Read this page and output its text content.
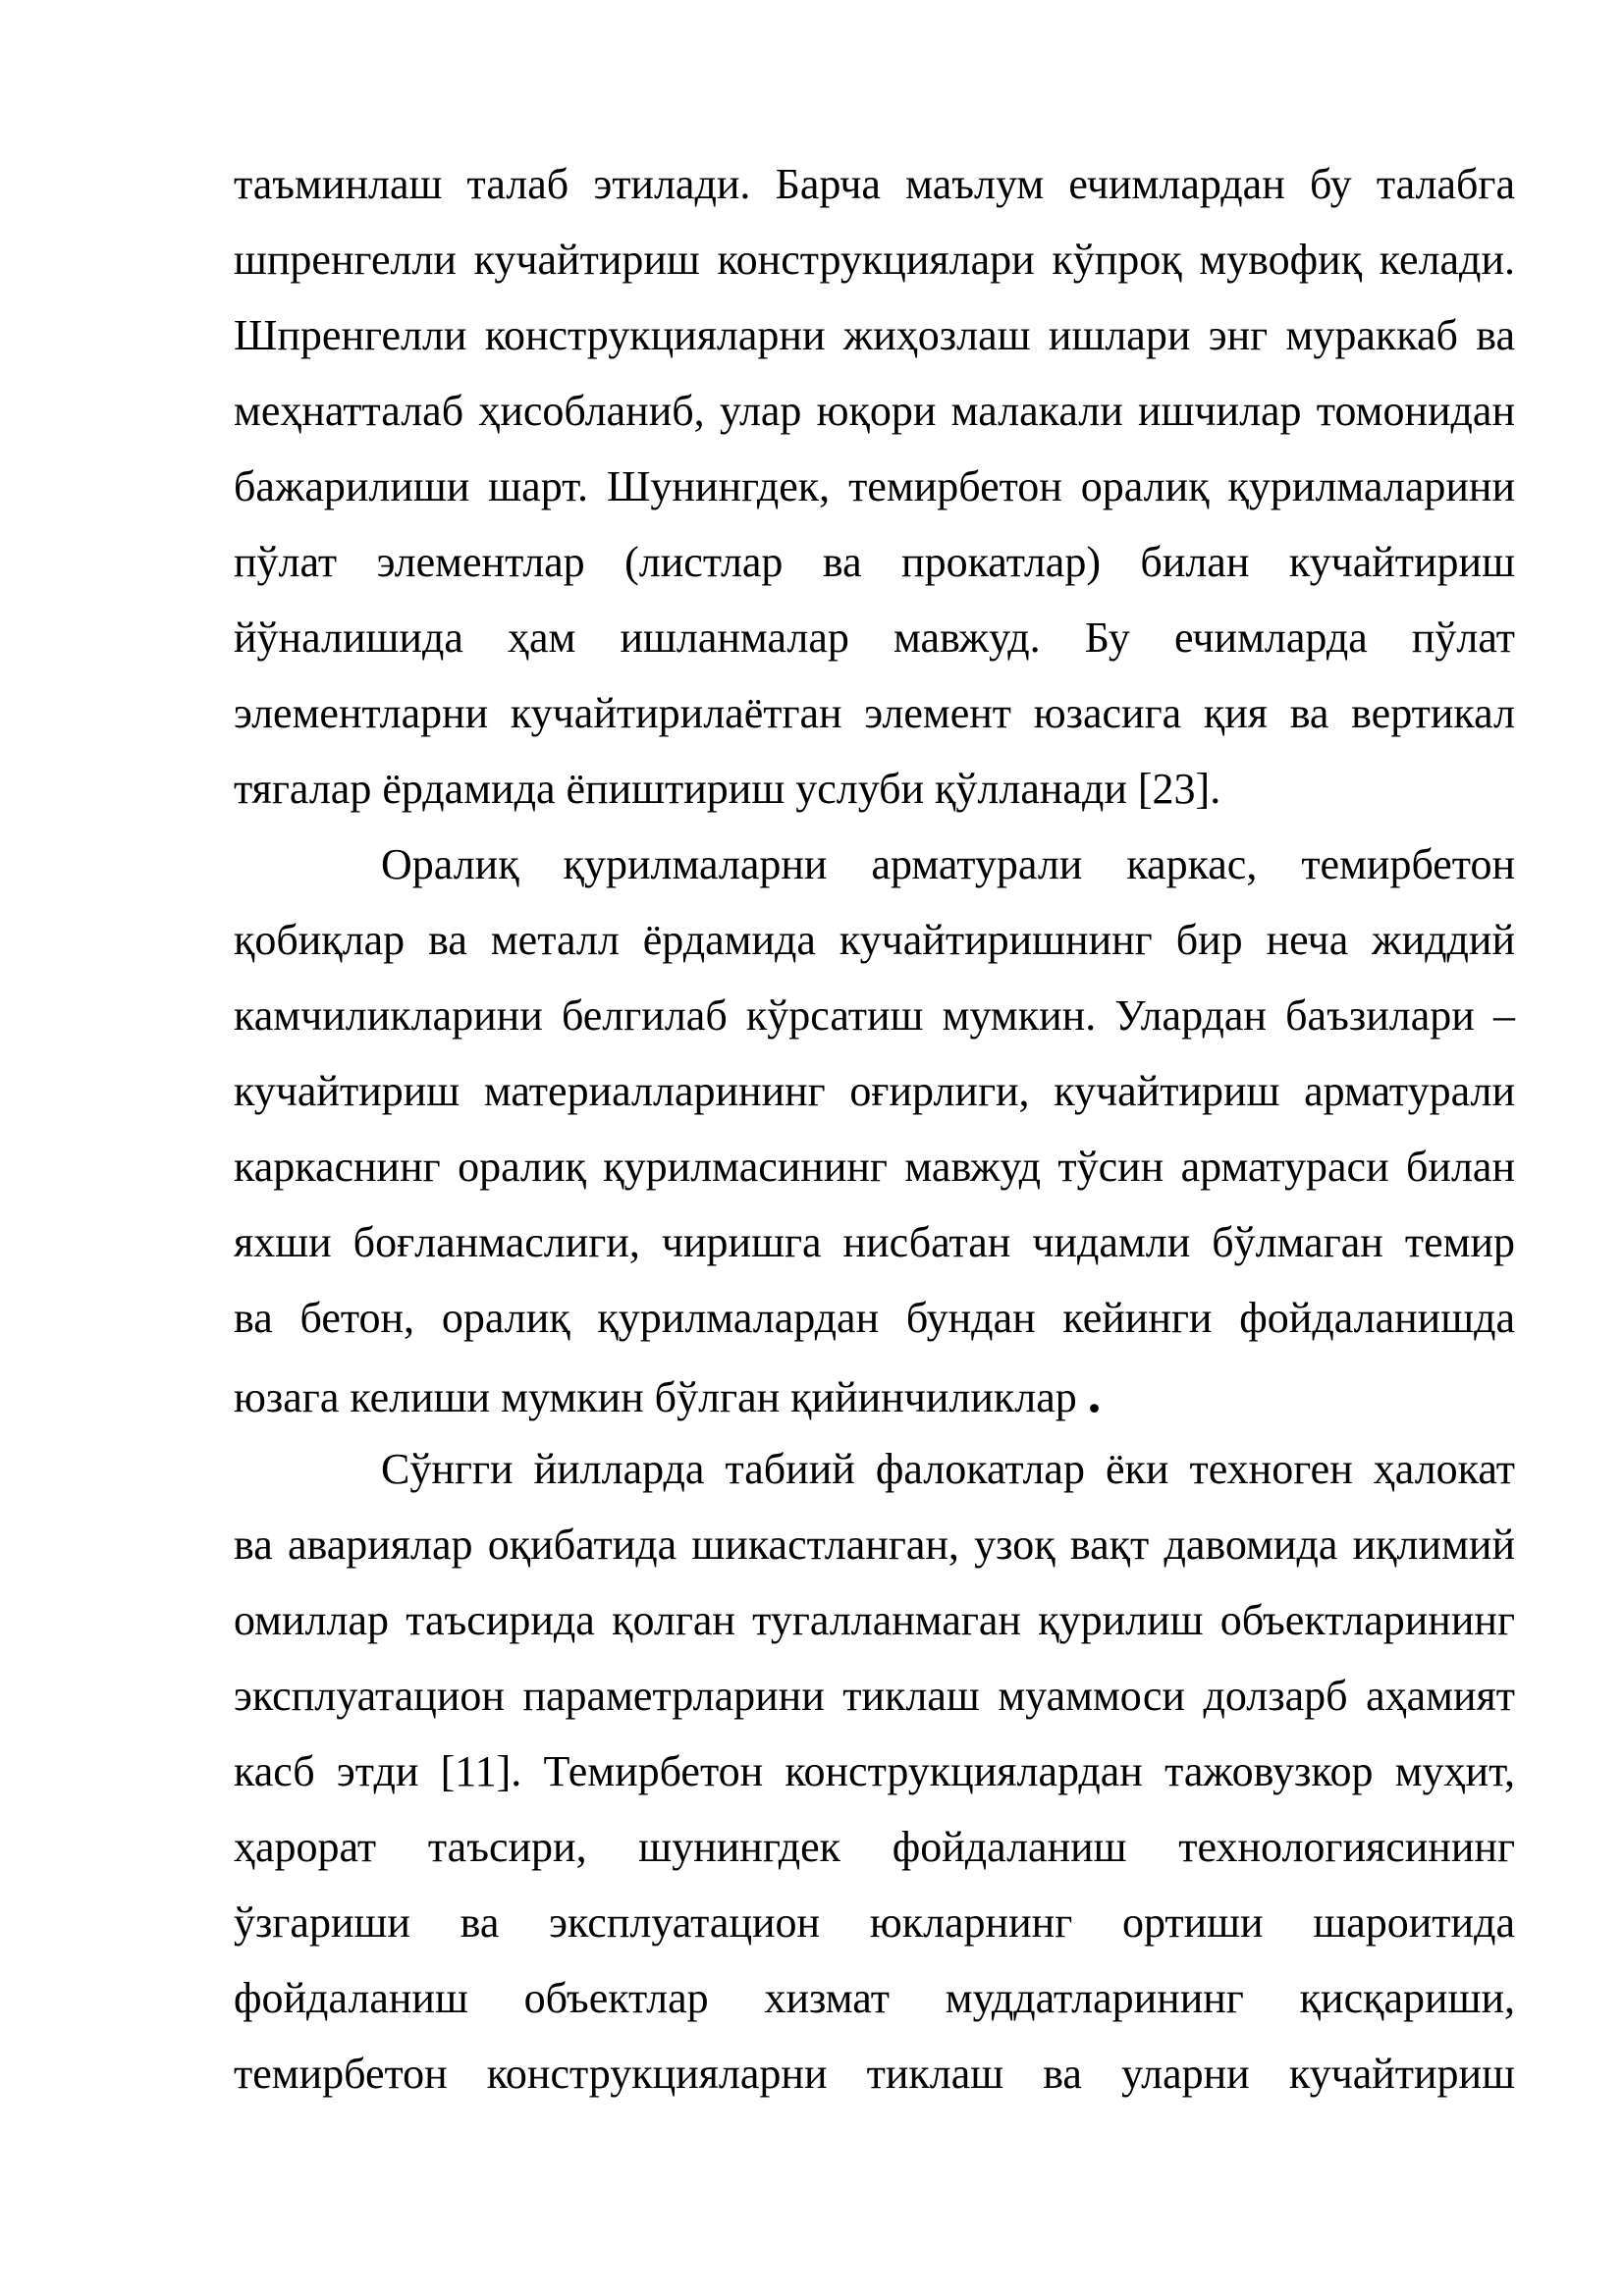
таъминлаш талаб этилади. Барча маълум ечимлардан бу талабга
шпренгелли кучайтириш конструкциялари кўпроқ мувофиқ келади.
Шпренгелли конструкцияларни жиҳозлаш ишлари энг мураккаб ва
меҳнатталаб ҳисобланиб, улар юқори малакали ишчилар томонидан
бажарилиши шарт. Шунингдек, темирбетон оралиқ қурилмаларини
пўлат элементлар (листлар ва прокатлар) билан кучайтириш
йўналишида ҳам ишланмалар мавжуд. Бу ечимларда пўлат
элементларни кучайтирилаётган элемент юзасига қия ва вертикал
тягалар ёрдамида ёпиштириш услуби қўлланади [23].
Оралиқ қурилмаларни арматурали каркас, темирбетон
қобиқлар ва металл ёрдамида кучайтиришнинг бир неча жиддий
камчиликларини белгилаб кўрсатиш мумкин. Улардан баъзилари –
кучайтириш материалларининг оғирлиги, кучайтириш арматурали
каркаснинг оралиқ қурилмасининг мавжуд тўсин арматураси билан
яхши боғланмаслиги, чиришга нисбатан чидамли бўлмаган темир
ва бетон, оралиқ қурилмалардан бундан кейинги фойдаланишда
юзага келиши мумкин бўлган қийинчиликлар .
Сўнгги йилларда табиий фалокатлар ёки техноген ҳалокат
ва авариялар оқибатида шикастланган, узоқ вақт давомида иқлимий
омиллар таъсирида қолган тугалланмаган қурилиш объектларининг
эксплуатацион параметрларини тиклаш муаммоси долзарб аҳамият
касб этди [11]. Темирбетон конструкциялардан тажовузкор муҳит,
ҳарорат таъсири, шунингдек фойдаланиш технологиясининг
ўзгариши ва эксплуатацион юкларнинг ортиши шароитида
фойдаланиш объектлар хизмат муддатларининг қисқариши,
темирбетон конструкцияларни тиклаш ва уларни кучайтириш
